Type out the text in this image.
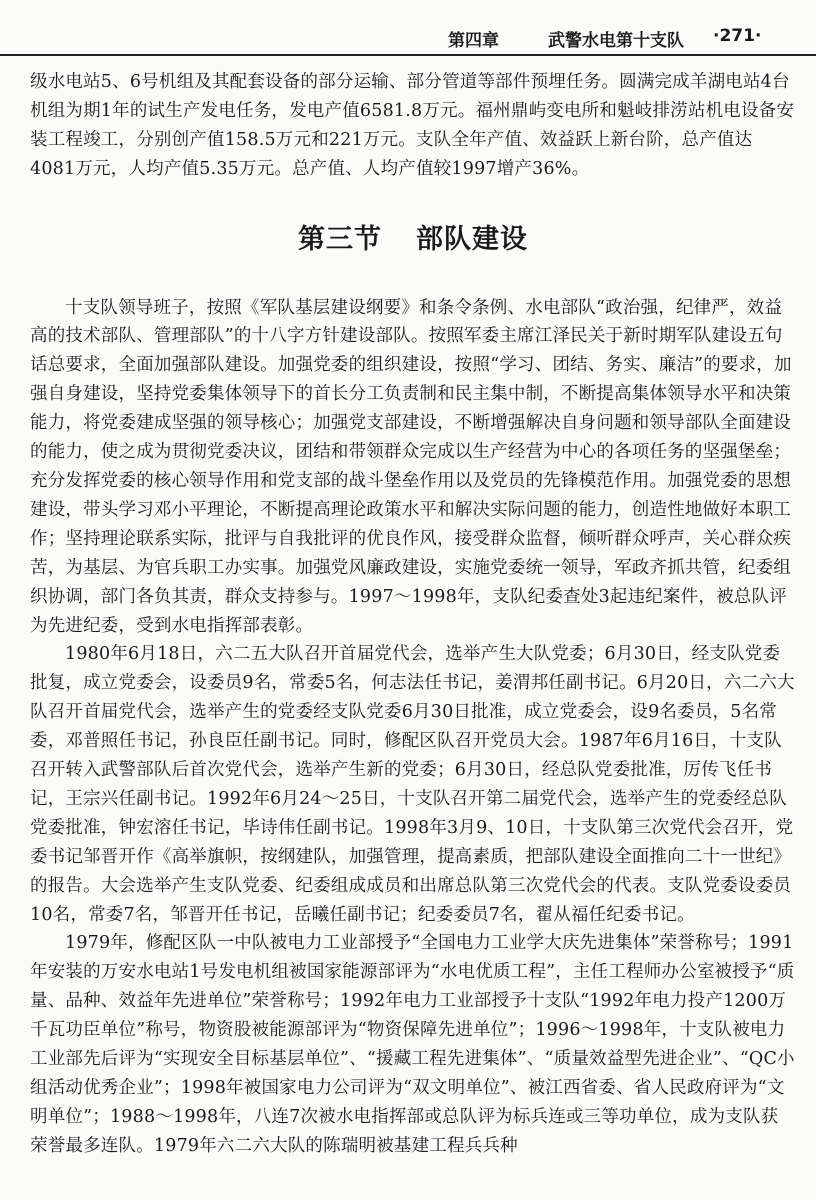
第四章	武警水电第十支队 ·271·

级水电站5、6号机组及其配套设备的部分运输、部分管道等部件预埋任务。圆满完成羊湖电站4台机组为期1年的试生产发电任务，发电产值6581.8万元。福州鼎屿变电所和魁岐排涝站机电设备安装工程竣工，分别创产值158.5万元和221万元。支队全年产值、效益跃上新台阶，总产值达4081万元，人均产值5.35万元。总产值、人均产值较1997增产36%。

第三节 部队建设

十支队领导班子，按照《军队基层建设纲要》和条令条例、水电部队“政治强，纪律严，效益高的技术部队、管理部队”的十八字方针建设部队。按照军委主席江泽民关于新时期军队建设五句话总要求，全面加强部队建设。加强党委的组织建设，按照“学习、团结、务实、廉洁”的要求，加强自身建设，坚持党委集体领导下的首长分工负责制和民主集中制，不断提高集体领导水平和决策能力，将党委建成坚强的领导核心；加强党支部建设，不断增强解决自身问题和领导部队全面建设的能力，使之成为贯彻党委决议，团结和带领群众完成以生产经营为中心的各项任务的坚强堡垒；充分发挥党委的核心领导作用和党支部的战斗堡垒作用以及党员的先锋模范作用。加强党委的思想建设，带头学习邓小平理论，不断提高理论政策水平和解决实际问题的能力，创造性地做好本职工作；坚持理论联系实际，批评与自我批评的优良作风，接受群众监督，倾听群众呼声，关心群众疾苦，为基层、为官兵职工办实事。加强党风廉政建设，实施党委统一领导，军政齐抓共管，纪委组织协调，部门各负其责，群众支持参与。1997～1998年，支队纪委查处3起违纪案件，被总队评为先进纪委，受到水电指挥部表彰。

1980年6月18日，六二五大队召开首届党代会，选举产生大队党委；6月30日，经支队党委批复，成立党委会，设委员9名，常委5名，何志法任书记，姜渭邦任副书记。6月20日，六二六大队召开首届党代会，选举产生的党委经支队党委6月30日批准，成立党委会，设9名委员，5名常委，邓普照任书记，孙良臣任副书记。同时，修配区队召开党员大会。1987年6月16日，十支队召开转入武警部队后首次党代会，选举产生新的党委；6月30日，经总队党委批准，厉传飞任书记，王宗兴任副书记。1992年6月24～25日，十支队召开第二届党代会，选举产生的党委经总队党委批准，钟宏溶任书记，毕诗伟任副书记。1998年3月9、10日，十支队第三次党代会召开，党委书记邹晋开作《高举旗帜，按纲建队，加强管理，提高素质，把部队建设全面推向二十一世纪》的报告。大会选举产生支队党委、纪委组成成员和出席总队第三次党代会的代表。支队党委设委员10名，常委7名，邹晋开任书记，岳曦任副书记；纪委委员7名，翟从福任纪委书记。

1979年，修配区队一中队被电力工业部授予“全国电力工业学大庆先进集体”荣誉称号；1991年安装的万安水电站1号发电机组被国家能源部评为“水电优质工程”，主任工程师办公室被授予“质量、品种、效益年先进单位”荣誉称号；1992年电力工业部授予十支队“1992年电力投产1200万千瓦功臣单位”称号，物资股被能源部评为“物资保障先进单位”；1996～1998年，十支队被电力工业部先后评为“实现安全目标基层单位”、“援藏工程先进集体”、“质量效益型先进企业”、“QC小组活动优秀企业”；1998年被国家电力公司评为“双文明单位”、被江西省委、省人民政府评为“文明单位”；1988～1998年，八连7次被水电指挥部或总队评为标兵连或三等功单位，成为支队获荣誉最多连队。1979年六二六大队的陈瑞明被基建工程兵兵种
